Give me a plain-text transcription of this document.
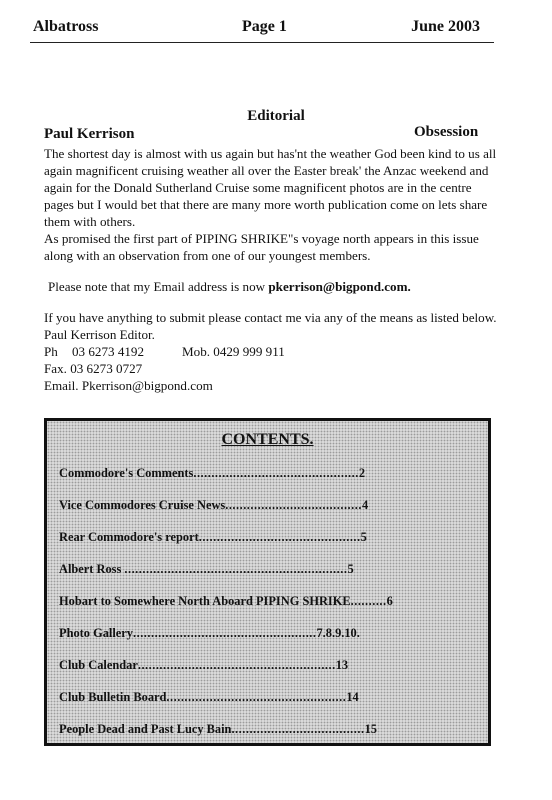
Albatross	Page 1	June 2003
Editorial
Paul Kerrison	Obsession

The shortest day is almost with us again but has'nt the weather God been kind to us all again magnificent cruising weather all over the Easter break' the Anzac weekend and again for the Donald Sutherland Cruise some magnificent photos are in the centre pages but I would bet that there are many more worth publication come on lets share them with others.

As promised the first part of PIPING SHRIKE"s voyage north appears in this issue along with an observation from one of our youngest members.

Please note that my Email address is now pkerrison@bigpond.com.

If you have anything to submit please contact me via any of the means as listed below.

Paul Kerrison Editor.

Ph 03 6273 4192	Mob. 0429 999 911

Fax. 03 6273 0727

Email. Pkerrison@bigpond.com

CONTENTS.
Commodore's Comments..............................................2
Vice Commodores Cruise News......................................4
Rear Commodore's report.............................................5
Albert Ross ..............................................................5
Hobart to Somewhere North Aboard PIPING SHRIKE..........6
Photo Gallery...................................................7.8.9.10.
Club Calendar.......................................................13
Club Bulletin Board..................................................14
People Dead and Past Lucy Bain.....................................15
